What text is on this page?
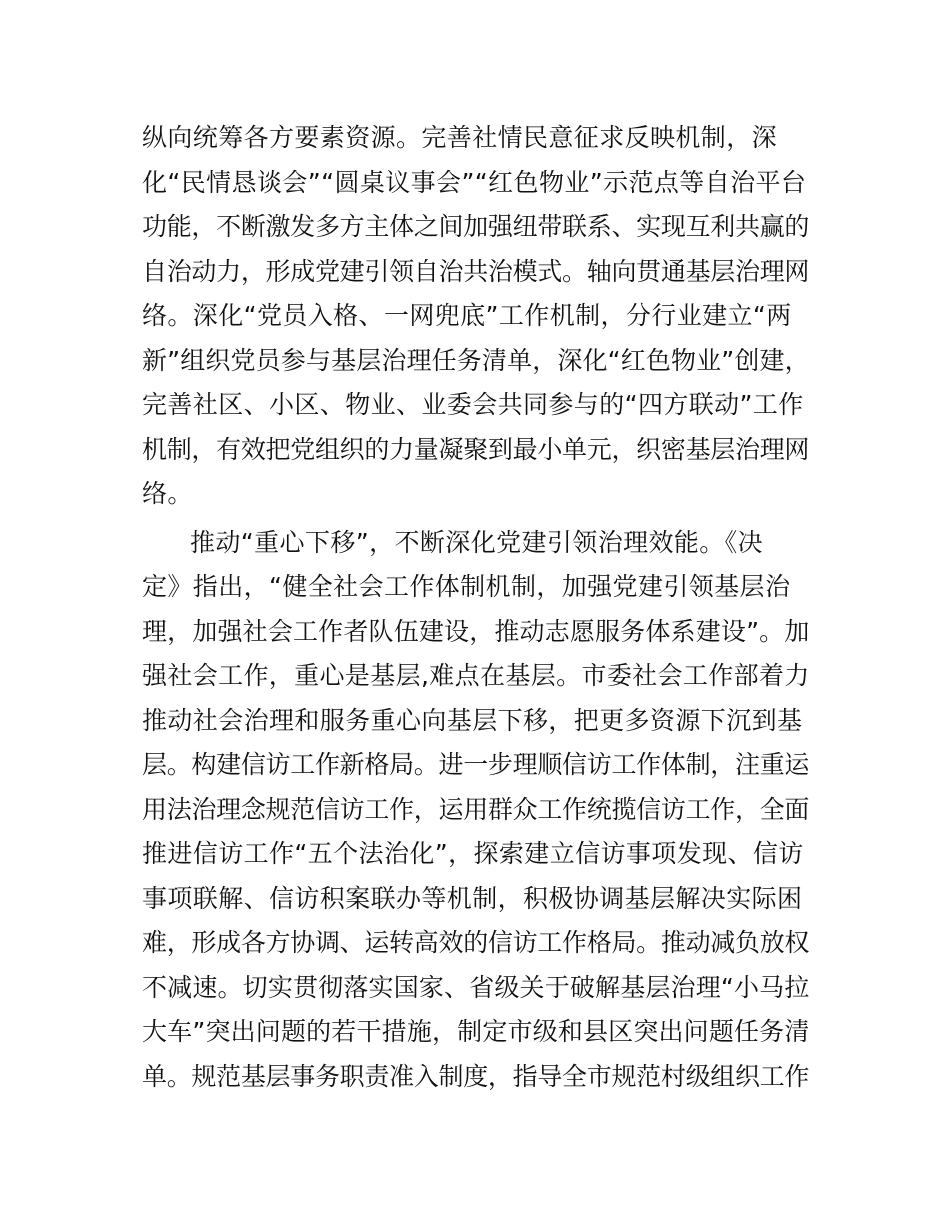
纵向统筹各方要素资源。完善社情民意征求反映机制，深
化“民情恳谈会”“圆桌议事会”“红色物业”示范点等自治平台
功能，不断激发多方主体之间加强纽带联系、实现互利共赢的
自治动力，形成党建引领自治共治模式。轴向贯通基层治理网
络。深化“党员入格、一网兜底”工作机制，分行业建立“两
新”组织党员参与基层治理任务清单，深化“红色物业”创建，
完善社区、小区、物业、业委会共同参与的“四方联动”工作
机制，有效把党组织的力量凝聚到最小单元，织密基层治理网
络。
推动“重心下移”，不断深化党建引领治理效能。《决
定》指出，“健全社会工作体制机制，加强党建引领基层治
理，加强社会工作者队伍建设，推动志愿服务体系建设”。加
强社会工作，重心是基层,难点在基层。市委社会工作部着力
推动社会治理和服务重心向基层下移，把更多资源下沉到基
层。构建信访工作新格局。进一步理顺信访工作体制，注重运
用法治理念规范信访工作，运用群众工作统揽信访工作，全面
推进信访工作“五个法治化”，探索建立信访事项发现、信访
事项联解、信访积案联办等机制，积极协调基层解决实际困
难，形成各方协调、运转高效的信访工作格局。推动减负放权
不减速。切实贯彻落实国家、省级关于破解基层治理“小马拉
大车”突出问题的若干措施，制定市级和县区突出问题任务清
单。规范基层事务职责准入制度，指导全市规范村级组织工作
